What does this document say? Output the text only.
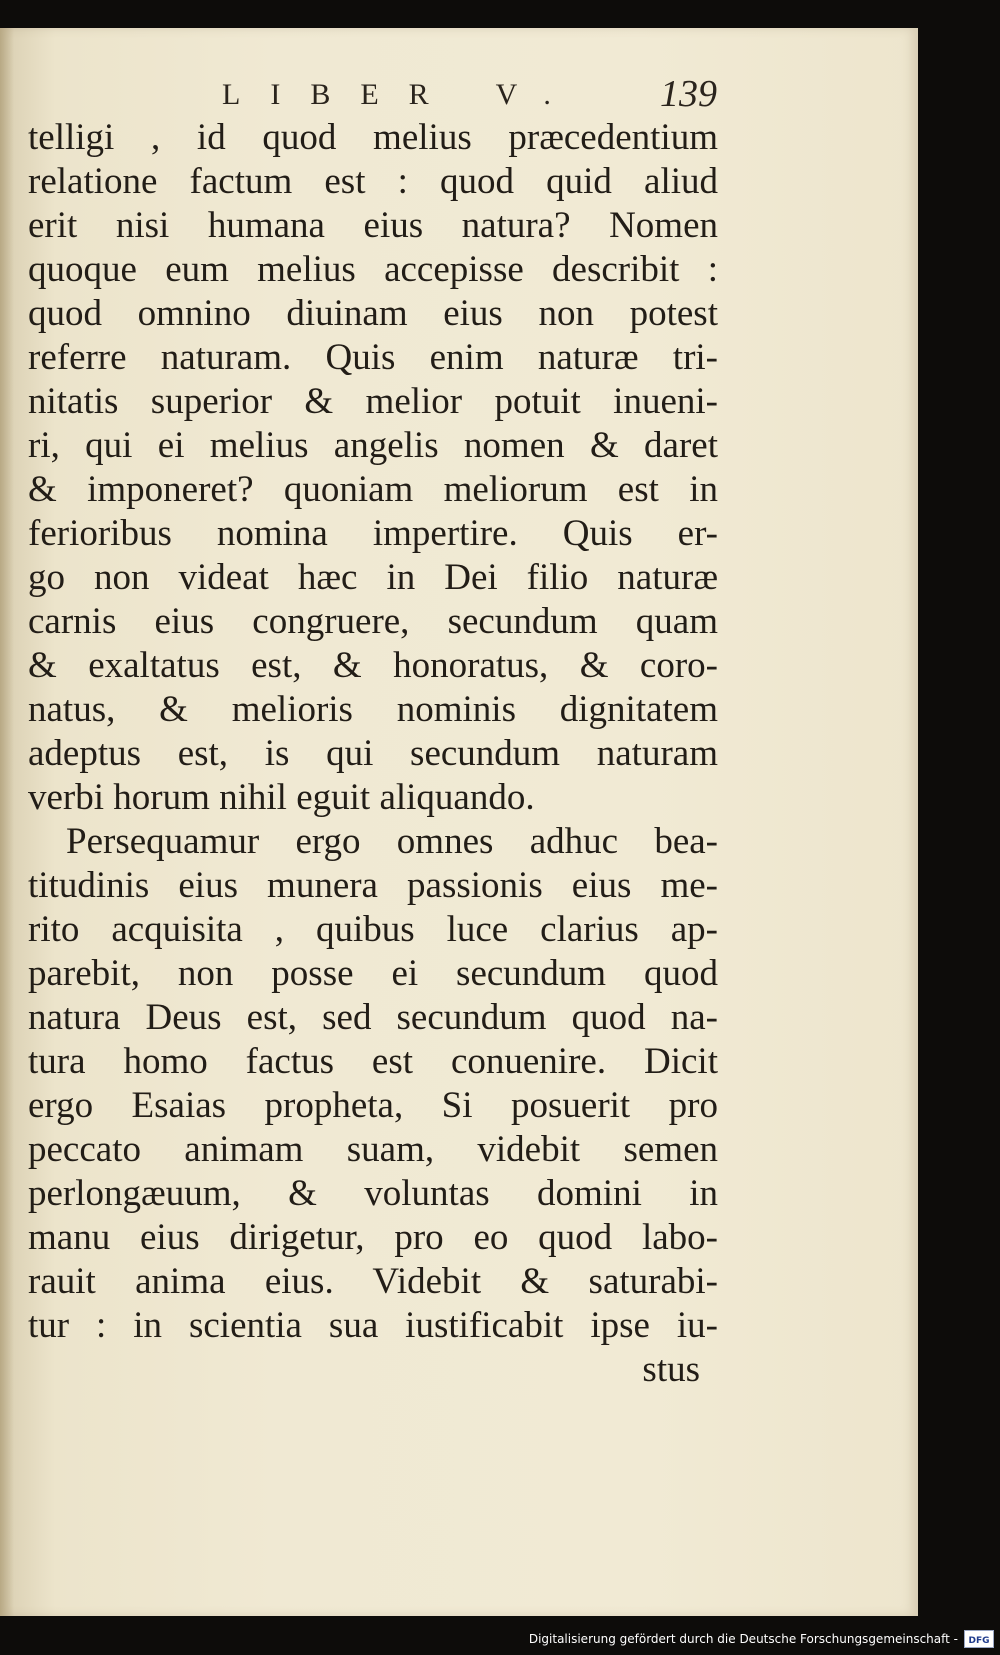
LIBER V. 139
telligi , id quod melius præcedentium
relatione factum est : quod quid aliud
erit nisi humana eius natura? Nomen
quoque eum melius accepisse describit :
quod omnino diuinam eius non potest
referre naturam. Quis enim naturæ tri-
nitatis superior & melior potuit inueni-
ri, qui ei melius angelis nomen & daret
& imponeret? quoniam meliorum est in
ferioribus nomina impertire. Quis er-
go non videat hæc in Dei filio naturæ
carnis eius congruere, secundum quam
& exaltatus est, & honoratus, & coro-
natus, & melioris nominis dignitatem
adeptus est, is qui secundum naturam
verbi horum nihil eguit aliquando.
Persequamur ergo omnes adhuc bea-
titudinis eius munera passionis eius me-
rito acquisita , quibus luce clarius ap-
parebit, non posse ei secundum quod
natura Deus est, sed secundum quod na-
tura homo factus est conuenire. Dicit
ergo Esaias propheta, Si posuerit pro
peccato animam suam, videbit semen
perlongæuum, & voluntas domini in
manu eius dirigetur, pro eo quod labo-
rauit anima eius. Videbit & saturabi-
tur : in scientia sua iustificabit ipse iu-
stus
Digitalisierung gefördert durch die Deutsche Forschungsgemeinschaft - DFG
